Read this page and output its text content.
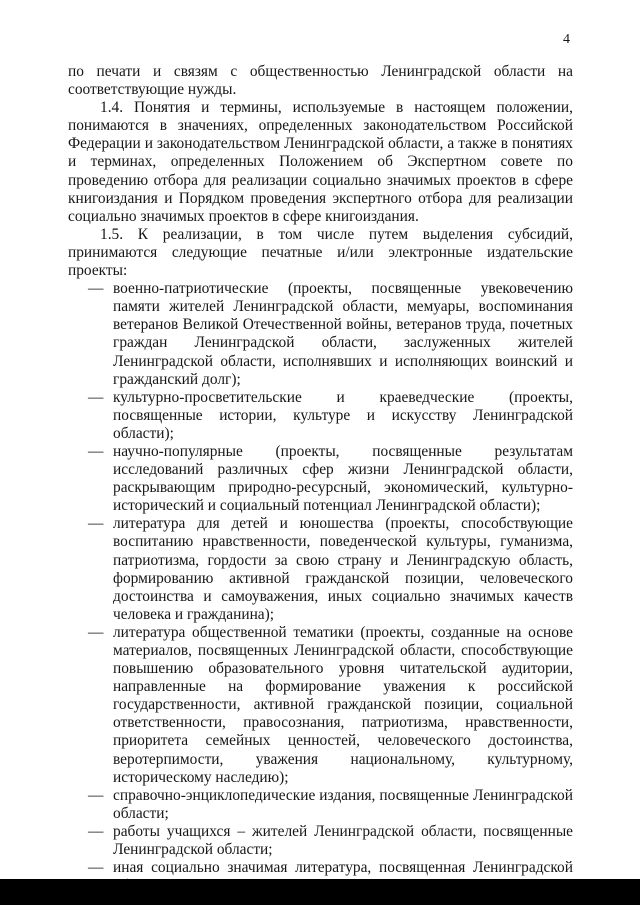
4

по печати и связям с общественностью Ленинградской области на соответствующие нужды.

1.4. Понятия и термины, используемые в настоящем положении, понимаются в значениях, определенных законодательством Российской Федерации и законодательством Ленинградской области, а также в понятиях и терминах, определенных Положением об Экспертном совете по проведению отбора для реализации социально значимых проектов в сфере книгоиздания и Порядком проведения экспертного отбора для реализации социально значимых проектов в сфере книгоиздания.

1.5. К реализации, в том числе путем выделения субсидий, принимаются следующие печатные и/или электронные издательские проекты:

— военно-патриотические (проекты, посвященные увековечению памяти жителей Ленинградской области, мемуары, воспоминания ветеранов Великой Отечественной войны, ветеранов труда, почетных граждан Ленинградской области, заслуженных жителей Ленинградской области, исполнявших и исполняющих воинский и гражданский долг);
— культурно-просветительские и краеведческие (проекты, посвященные истории, культуре и искусству Ленинградской области);
— научно-популярные (проекты, посвященные результатам исследований различных сфер жизни Ленинградской области, раскрывающим природно-ресурсный, экономический, культурно-исторический и социальный потенциал Ленинградской области);
— литература для детей и юношества (проекты, способствующие воспитанию нравственности, поведенческой культуры, гуманизма, патриотизма, гордости за свою страну и Ленинградскую область, формированию активной гражданской позиции, человеческого достоинства и самоуважения, иных социально значимых качеств человека и гражданина);
— литература общественной тематики (проекты, созданные на основе материалов, посвященных Ленинградской области, способствующие повышению образовательного уровня читательской аудитории, направленные на формирование уважения к российской государственности, активной гражданской позиции, социальной ответственности, правосознания, патриотизма, нравственности, приоритета семейных ценностей, человеческого достоинства, веротерпимости, уважения национальному, культурному, историческому наследию);
— справочно-энциклопедические издания, посвященные Ленинградской области;
— работы учащихся – жителей Ленинградской области, посвященные Ленинградской области;
— иная социально значимая литература, посвященная Ленинградской
